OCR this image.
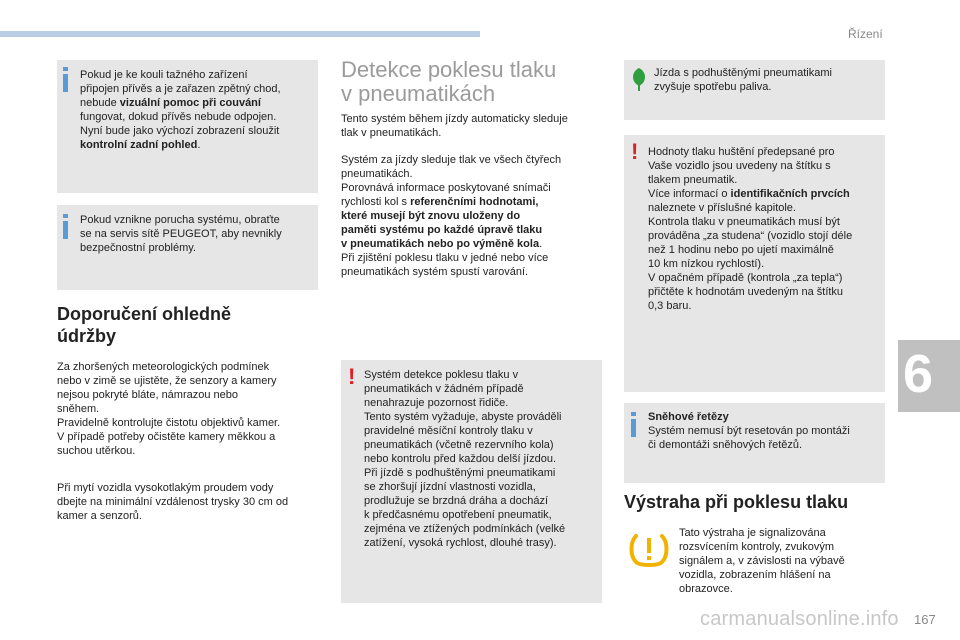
Řízení
Pokud je ke kouli tažného zařízení
připojen přívěs a je zařazen zpětný chod,
nebude vizuální pomoc při couvání
fungovat, dokud přívěs nebude odpojen.
Nyní bude jako výchozí zobrazení sloužit
kontrolní zadní pohled.
Pokud vznikne porucha systému, obraťte
se na servis sítě PEUGEOT, aby nevnikly
bezpečnostní problémy.
Doporučení ohledně
údržby
Za zhoršených meteorologických podmínek
nebo v zimě se ujistěte, že senzory a kamery
nejsou pokryté bláte, námrazou nebo
sněhem.
Pravidelně kontrolujte čistotu objektivů kamer.
V případě potřeby očistěte kamery měkkou a
suchou utěrkou.
Při mytí vozidla vysokotlakým proudem vody
dbejte na minimální vzdálenost trysky 30 cm od
kamer a senzorů.
Detekce poklesu tlaku
v pneumatikách
Tento systém během jízdy automaticky sleduje
tlak v pneumatikách.
Systém za jízdy sleduje tlak ve všech čtyřech
pneumatikách.
Porovnává informace poskytované snímači
rychlosti kol s referenčními hodnotami,
které musejí být znovu uloženy do
paměti systému po každé úpravě tlaku
v pneumatikách nebo po výměně kola.
Při zjištění poklesu tlaku v jedné nebo více
pneumatikách systém spustí varování.
! Systém detekce poklesu tlaku v
pneumatikách v žádném případě
nenahrazuje pozornost řidiče.
Tento systém vyžaduje, abyste prováděli
pravidelné měsíční kontroly tlaku v
pneumatikách (včetně rezervního kola)
nebo kontrolu před každou delší jízdou.
Při jízdě s podhuštěnými pneumatikami
se zhoršují jízdní vlastnosti vozidla,
prodlužuje se brzdná dráha a dochází
k předčasnému opotřebení pneumatik,
zejména ve ztížených podmínkách (velké
zatížení, vysoká rychlost, dlouhé trasy).
Jízda s podhuštěnými pneumatikami
zvyšuje spotřebu paliva.
! Hodnoty tlaku huštění předepsané pro
Vaše vozidlo jsou uvedeny na štítku s
tlakem pneumatik.
Více informací o identifikačních prvcích
naleznete v příslušné kapitole.
Kontrola tlaku v pneumatikách musí být
prováděna „za studena“ (vozidlo stojí déle
než 1 hodinu nebo po ujetí maximálně
10 km nízkou rychlostí).
V opačném případě (kontrola „za tepla“)
přičtěte k hodnotám uvedeným na štítku
0,3 baru.
Sněhové řetězy
Systém nemusí být resetován po montáži
či demontáži sněhových řetězů.
Výstraha při poklesu tlaku
Tato výstraha je signalizována
rozsvícením kontroly, zvukovým
signálem a, v závislosti na výbavě
vozidla, zobrazením hlášení na
obrazovce.
6
carmanualsonline.info 167
